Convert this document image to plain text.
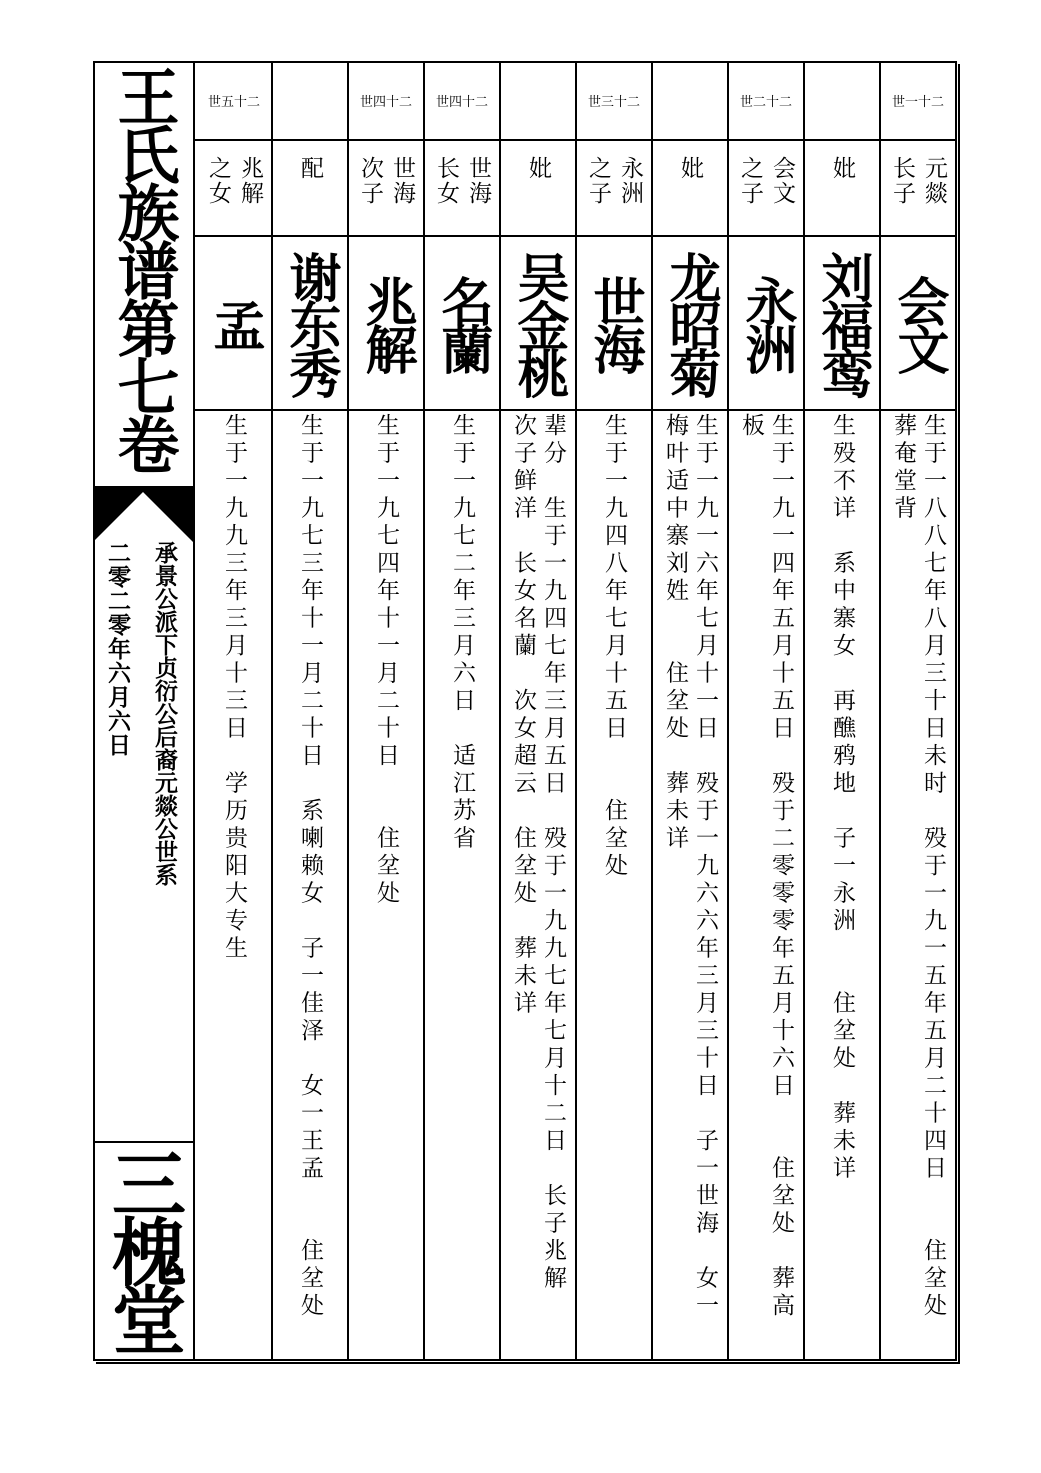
王氏族谱第七卷
承景公派下贞衍公后裔元燚公世系
二零二零年六月六日
三槐堂
世一十二
元燚 长子
会文
生于一八八七年八月三十日未时　殁于一九一五年五月二十四日　　住坌处
葬奄堂背
妣
刘福鸾
生殁不详　系中寨女　再醮鸦地　子一永洲　　住坌处　葬未详
世二十二
会文 之子
永洲
生于一九一四年五月十五日　殁于二零零零年五月十六日　　住坌处　葬高
板
妣
龙昭菊
生于一九一六年七月十一日　殁于一九六六年三月三十日　子一世海　女一
梅叶适中寨刘姓　　住坌处　葬未详
世三十二
永洲 之子
世海
生于一九四八年七月十五日　　住坌处
妣
吴金桃
辈分　生于一九四七年三月五日　殁于一九九七年七月十二日　长子兆解
次子鲜洋　长女名蘭　次女超云　住坌处　葬未详
世四十二
世海 长女
名蘭
生于一九七二年三月六日　适江苏省
世四十二
世海 次子
兆解
生于一九七四年十一月二十日　　住坌处
配
谢东秀
生于一九七三年十一月二十日　系喇赖女　子一佳泽　女一王孟　　住坌处
世五十二
兆解 之女
孟
生于一九九三年三月十三日　学历贵阳大专生
